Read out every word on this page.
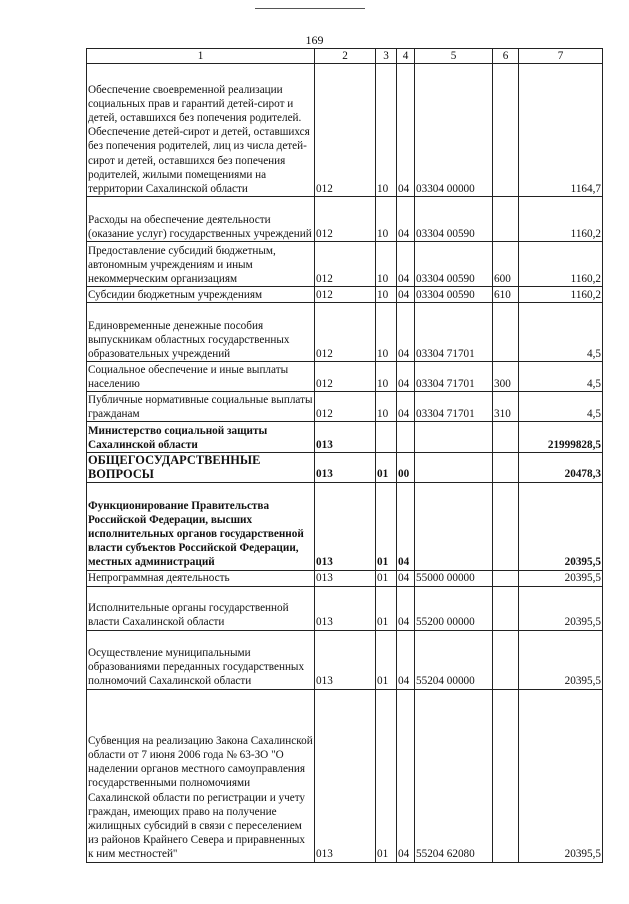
169
1	2	3	4	5	6	7
Обеспечение своевременной реализации социальных прав и гарантий детей-сирот и детей, оставшихся без попечения родителей. Обеспечение детей-сирот и детей, оставшихся без попечения родителей, лиц из числа детей-сирот и детей, оставшихся без попечения родителей, жилыми помещениями на территории Сахалинской области	012	10	04	03304 00000		1164,7
Расходы на обеспечение деятельности (оказание услуг) государственных учреждений	012	10	04	03304 00590		1160,2
Предоставление субсидий бюджетным, автономным учреждениям и иным некоммерческим организациям	012	10	04	03304 00590	600	1160,2
Субсидии бюджетным учреждениям	012	10	04	03304 00590	610	1160,2
Единовременные денежные пособия выпускникам областных государственных образовательных учреждений	012	10	04	03304 71701		4,5
Социальное обеспечение и иные выплаты населению	012	10	04	03304 71701	300	4,5
Публичные нормативные социальные выплаты гражданам	012	10	04	03304 71701	310	4,5
Министерство социальной защиты Сахалинской области	013					21999828,5
ОБЩЕГОСУДАРСТВЕННЫЕ ВОПРОСЫ	013	01	00			20478,3
Функционирование Правительства Российской Федерации, высших исполнительных органов государственной власти субъектов Российской Федерации, местных администраций	013	01	04			20395,5
Непрограммная деятельность	013	01	04	55000 00000		20395,5
Исполнительные органы государственной власти Сахалинской области	013	01	04	55200 00000		20395,5
Осуществление муниципальными образованиями переданных государственных полномочий Сахалинской области	013	01	04	55204 00000		20395,5
Субвенция на реализацию Закона Сахалинской области от 7 июня 2006 года № 63-ЗО "О наделении органов местного самоуправления государственными полномочиями Сахалинской области по регистрации и учету граждан, имеющих право на получение жилищных субсидий в связи с переселением из районов Крайнего Севера и приравненных к ним местностей"	013	01	04	55204 62080		20395,5
